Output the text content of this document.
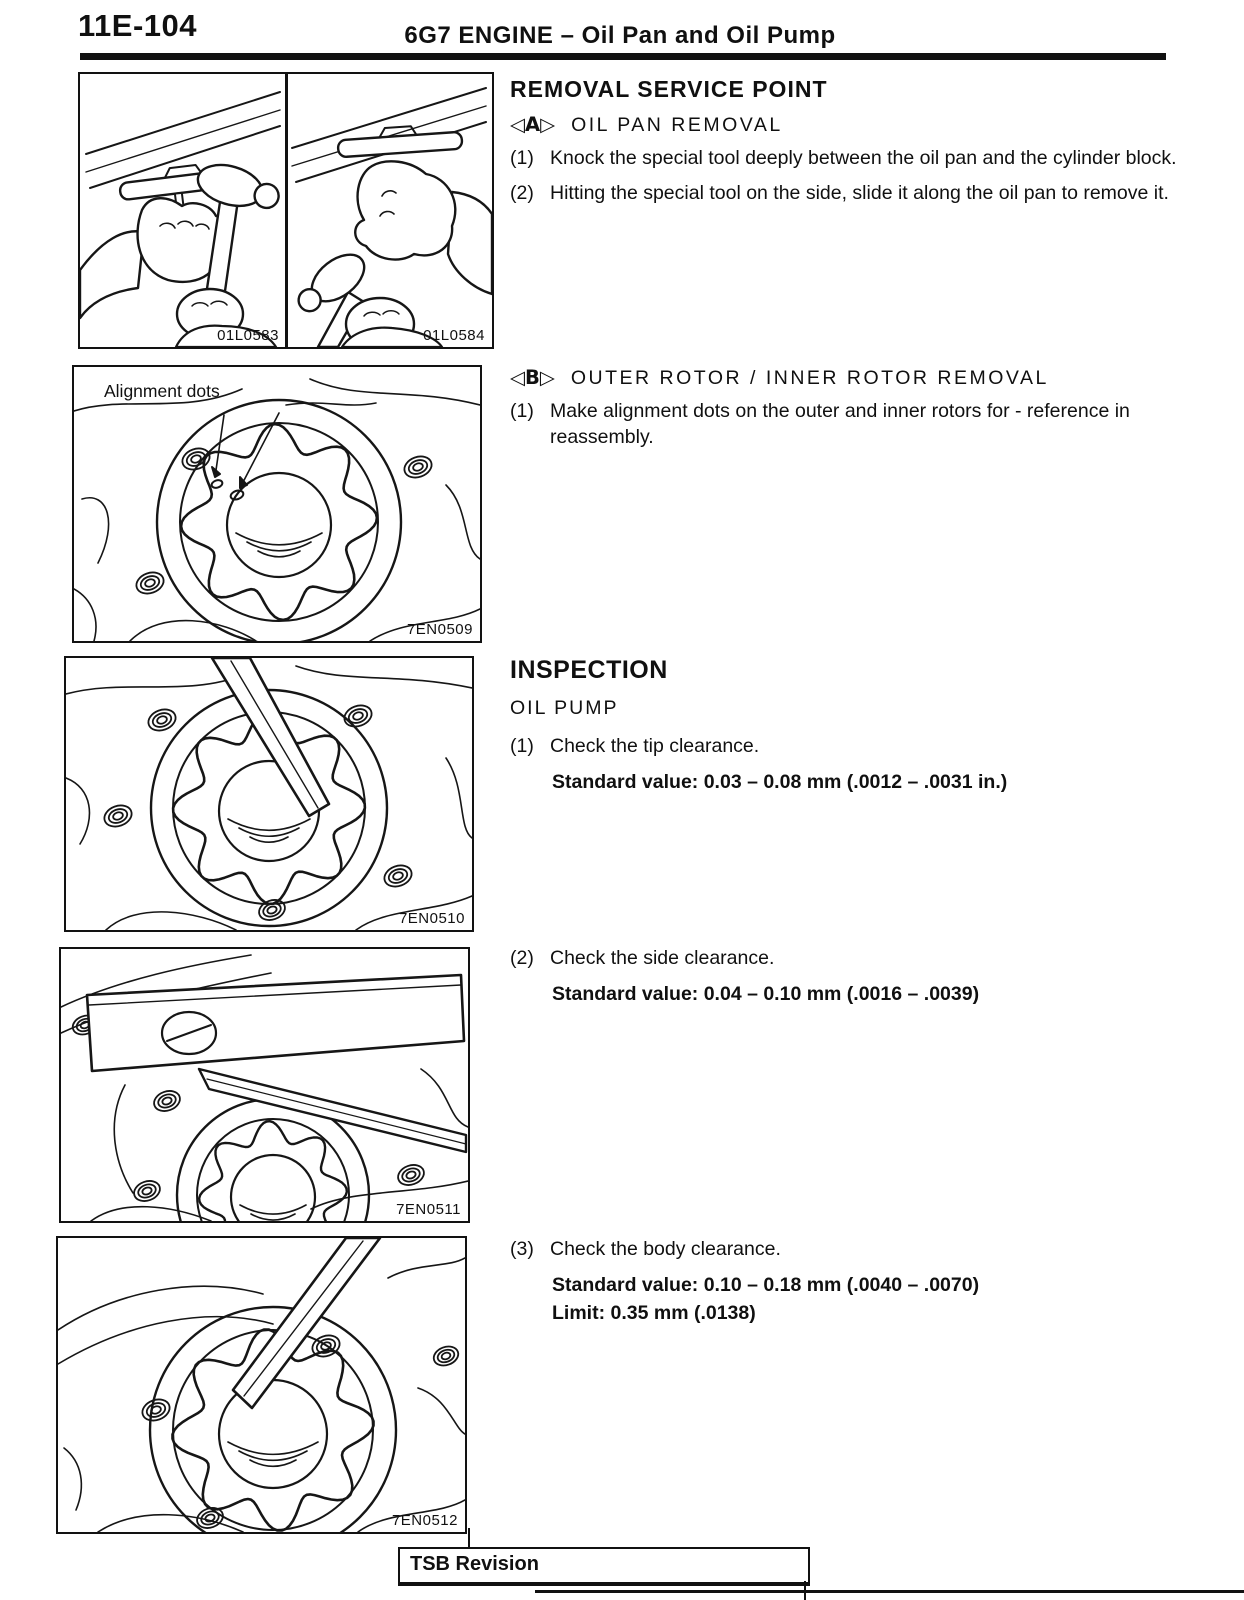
11E-104	6G7 ENGINE – Oil Pan and Oil Pump
01L0583	01L0584
Alignment dots
7EN0509
7EN0510
7EN0511
7EN0512
REMOVAL SERVICE POINT
◁A▷ OIL PAN REMOVAL
(1) Knock the special tool deeply between the oil pan and the cylinder block.
(2) Hitting the special tool on the side, slide it along the oil pan to remove it.
◁B▷ OUTER ROTOR / INNER ROTOR REMOVAL
(1) Make alignment dots on the outer and inner rotors for - reference in reassembly.
INSPECTION
OIL PUMP
(1) Check the tip clearance.
Standard value: 0.03 – 0.08 mm (.0012 – .0031 in.)
(2) Check the side clearance.
Standard value: 0.04 – 0.10 mm (.0016 – .0039)
(3) Check the body clearance.
Standard value: 0.10 – 0.18 mm (.0040 – .0070)
Limit: 0.35 mm (.0138)
TSB Revision
